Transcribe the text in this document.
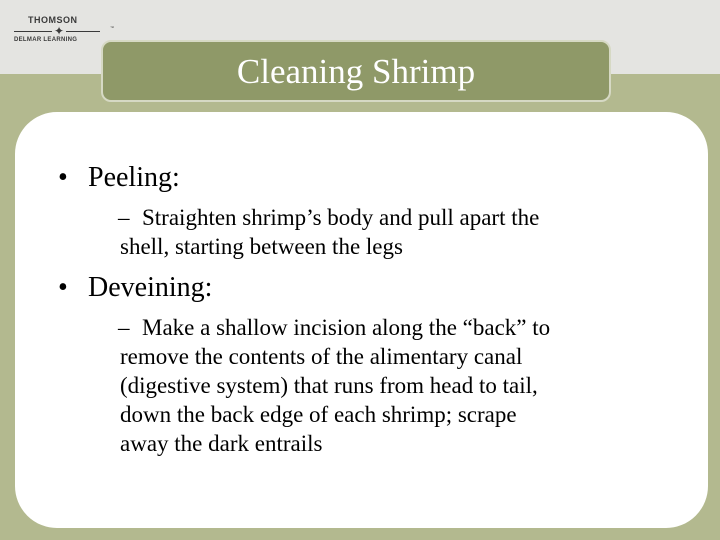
THOMSON
✦
DELMAR LEARNING
™
Cleaning Shrimp
• Peeling:
• Deveining:
– Straighten shrimp’s body and pull apart the
shell, starting between the legs
– Make a shallow incision along the “back” to
remove the contents of the alimentary canal
(digestive system) that runs from head to tail,
down the back edge of each shrimp; scrape
away the dark entrails
